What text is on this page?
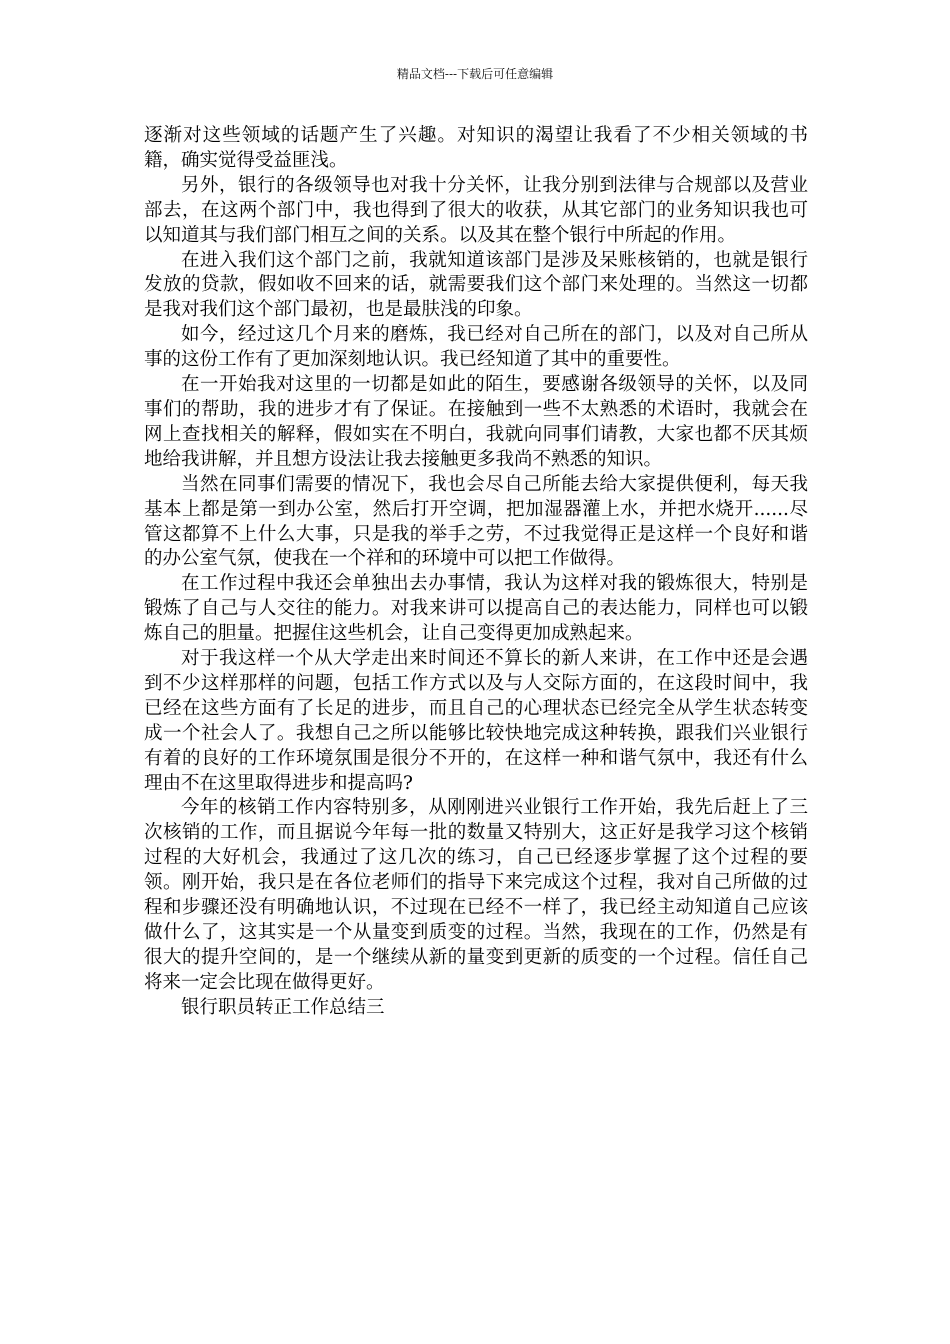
精品文档---下载后可任意编辑

逐渐对这些领域的话题产生了兴趣。对知识的渴望让我看了不少相关领域的书籍，确实觉得受益匪浅。

另外，银行的各级领导也对我十分关怀，让我分别到法律与合规部以及营业部去，在这两个部门中，我也得到了很大的收获，从其它部门的业务知识我也可以知道其与我们部门相互之间的关系。以及其在整个银行中所起的作用。

在进入我们这个部门之前，我就知道该部门是涉及呆账核销的，也就是银行发放的贷款，假如收不回来的话，就需要我们这个部门来处理的。当然这一切都是我对我们这个部门最初，也是最肤浅的印象。

如今，经过这几个月来的磨炼，我已经对自己所在的部门，以及对自己所从事的这份工作有了更加深刻地认识。我已经知道了其中的重要性。

在一开始我对这里的一切都是如此的陌生，要感谢各级领导的关怀，以及同事们的帮助，我的进步才有了保证。在接触到一些不太熟悉的术语时，我就会在网上查找相关的解释，假如实在不明白，我就向同事们请教，大家也都不厌其烦地给我讲解，并且想方设法让我去接触更多我尚不熟悉的知识。

当然在同事们需要的情况下，我也会尽自己所能去给大家提供便利，每天我基本上都是第一到办公室，然后打开空调，把加湿器灌上水，并把水烧开......尽管这都算不上什么大事，只是我的举手之劳，不过我觉得正是这样一个良好和谐的办公室气氛，使我在一个祥和的环境中可以把工作做得。

在工作过程中我还会单独出去办事情，我认为这样对我的锻炼很大，特别是锻炼了自己与人交往的能力。对我来讲可以提高自己的表达能力，同样也可以锻炼自己的胆量。把握住这些机会，让自己变得更加成熟起来。

对于我这样一个从大学走出来时间还不算长的新人来讲，在工作中还是会遇到不少这样那样的问题，包括工作方式以及与人交际方面的，在这段时间中，我已经在这些方面有了长足的进步，而且自己的心理状态已经完全从学生状态转变成一个社会人了。我想自己之所以能够比较快地完成这种转换，跟我们兴业银行有着的良好的工作环境氛围是很分不开的，在这样一种和谐气氛中，我还有什么理由不在这里取得进步和提高吗?

今年的核销工作内容特别多，从刚刚进兴业银行工作开始，我先后赶上了三次核销的工作，而且据说今年每一批的数量又特别大，这正好是我学习这个核销过程的大好机会，我通过了这几次的练习，自己已经逐步掌握了这个过程的要领。刚开始，我只是在各位老师们的指导下来完成这个过程，我对自己所做的过程和步骤还没有明确地认识，不过现在已经不一样了，我已经主动知道自己应该做什么了，这其实是一个从量变到质变的过程。当然，我现在的工作，仍然是有很大的提升空间的，是一个继续从新的量变到更新的质变的一个过程。信任自己将来一定会比现在做得更好。

银行职员转正工作总结三
